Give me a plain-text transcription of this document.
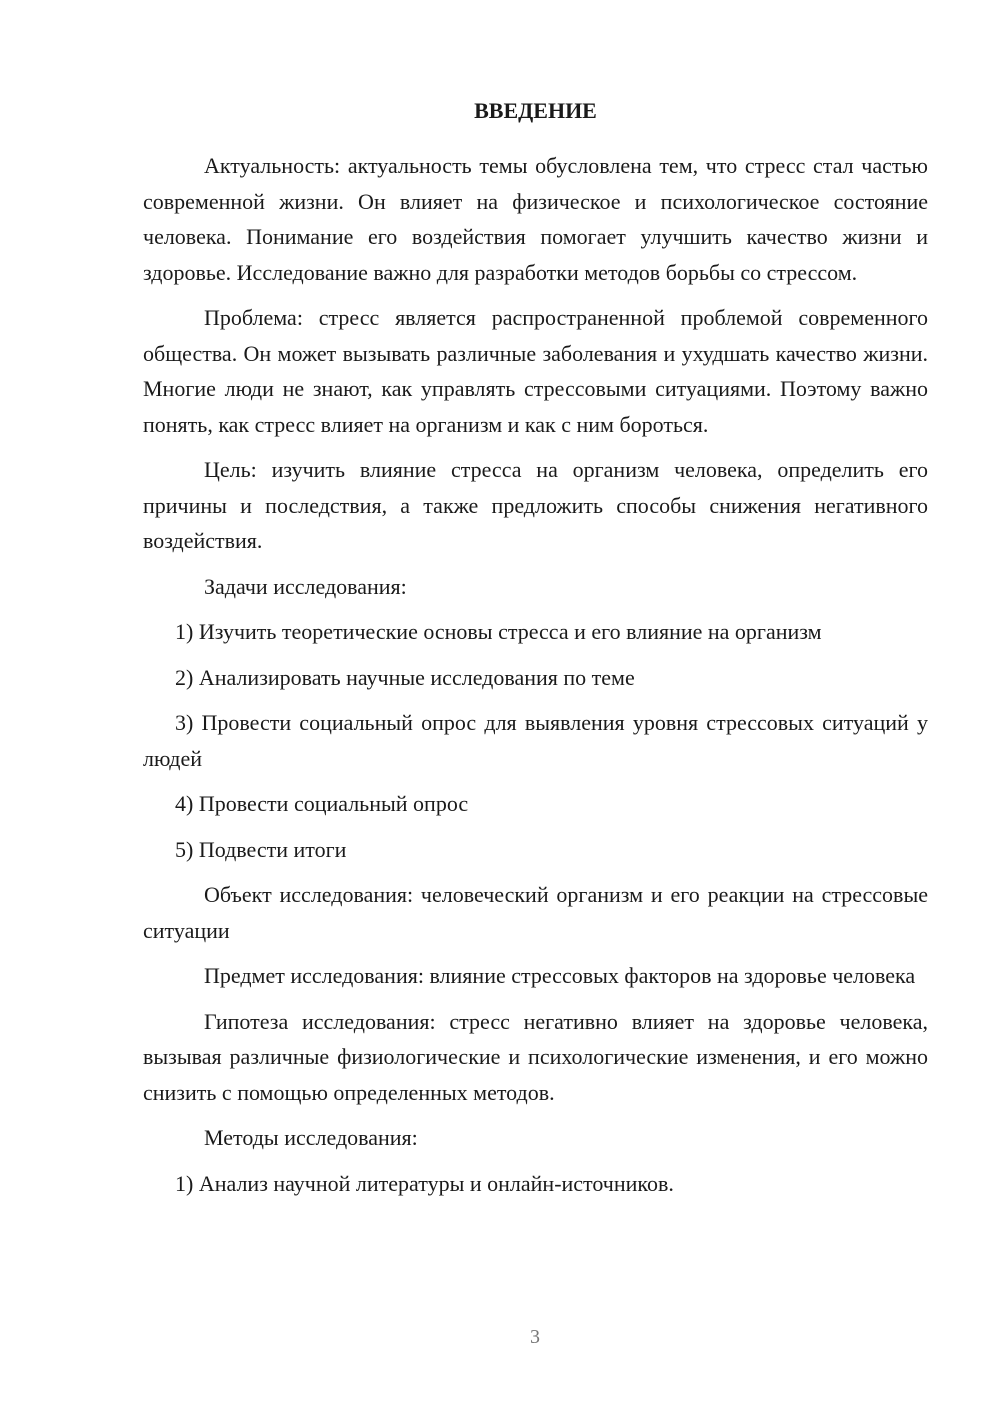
ВВЕДЕНИЕ

Актуальность: актуальность темы обусловлена тем, что стресс стал частью современной жизни. Он влияет на физическое и психологическое состояние человека. Понимание его воздействия помогает улучшить качество жизни и здоровье. Исследование важно для разработки методов борьбы со стрессом.

Проблема: стресс является распространенной проблемой современного общества. Он может вызывать различные заболевания и ухудшать качество жизни. Многие люди не знают, как управлять стрессовыми ситуациями. Поэтому важно понять, как стресс влияет на организм и как с ним бороться.

Цель: изучить влияние стресса на организм человека, определить его причины и последствия, а также предложить способы снижения негативного воздействия.

Задачи исследования:

1) Изучить теоретические основы стресса и его влияние на организм

2) Анализировать научные исследования по теме

3) Провести социальный опрос для выявления уровня стрессовых ситуаций у людей

4) Провести социальный опрос

5) Подвести итоги

Объект исследования: человеческий организм и его реакции на стрессовые ситуации

Предмет исследования: влияние стрессовых факторов на здоровье человека

Гипотеза исследования: стресс негативно влияет на здоровье человека, вызывая различные физиологические и психологические изменения, и его можно снизить с помощью определенных методов.

Методы исследования:

1) Анализ научной литературы и онлайн-источников.

3
